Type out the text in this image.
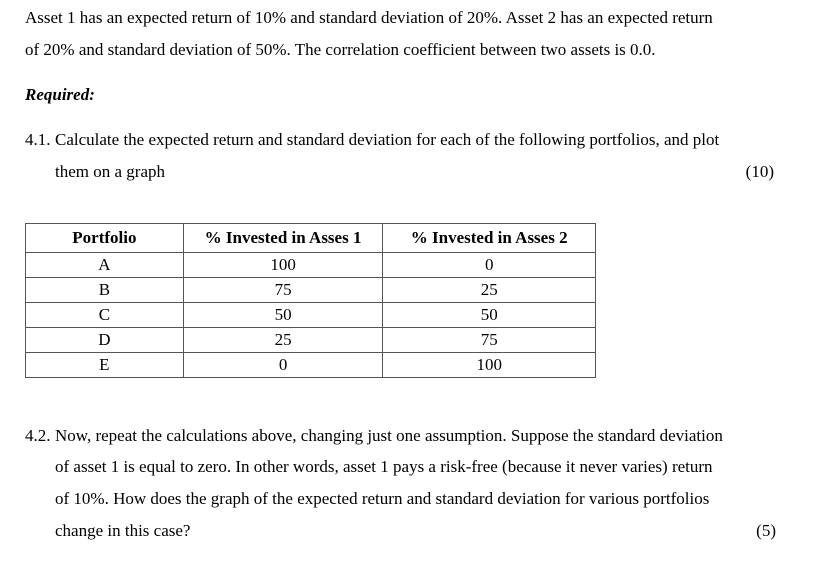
Asset 1 has an expected return of 10% and standard deviation of 20%. Asset 2 has an expected return
of 20% and standard deviation of 50%. The correlation coefficient between two assets is 0.0.
Required:
4.1. Calculate the expected return and standard deviation for each of the following portfolios, and plot
them on a graph	(10)
Portfolio	% Invested in Asses 1	% Invested in Asses 2
A	100	0
B	75	25
C	50	50
D	25	75
E	0	100
4.2. Now, repeat the calculations above, changing just one assumption. Suppose the standard deviation
of asset 1 is equal to zero. In other words, asset 1 pays a risk-free (because it never varies) return
of 10%. How does the graph of the expected return and standard deviation for various portfolios
change in this case?	(5)
